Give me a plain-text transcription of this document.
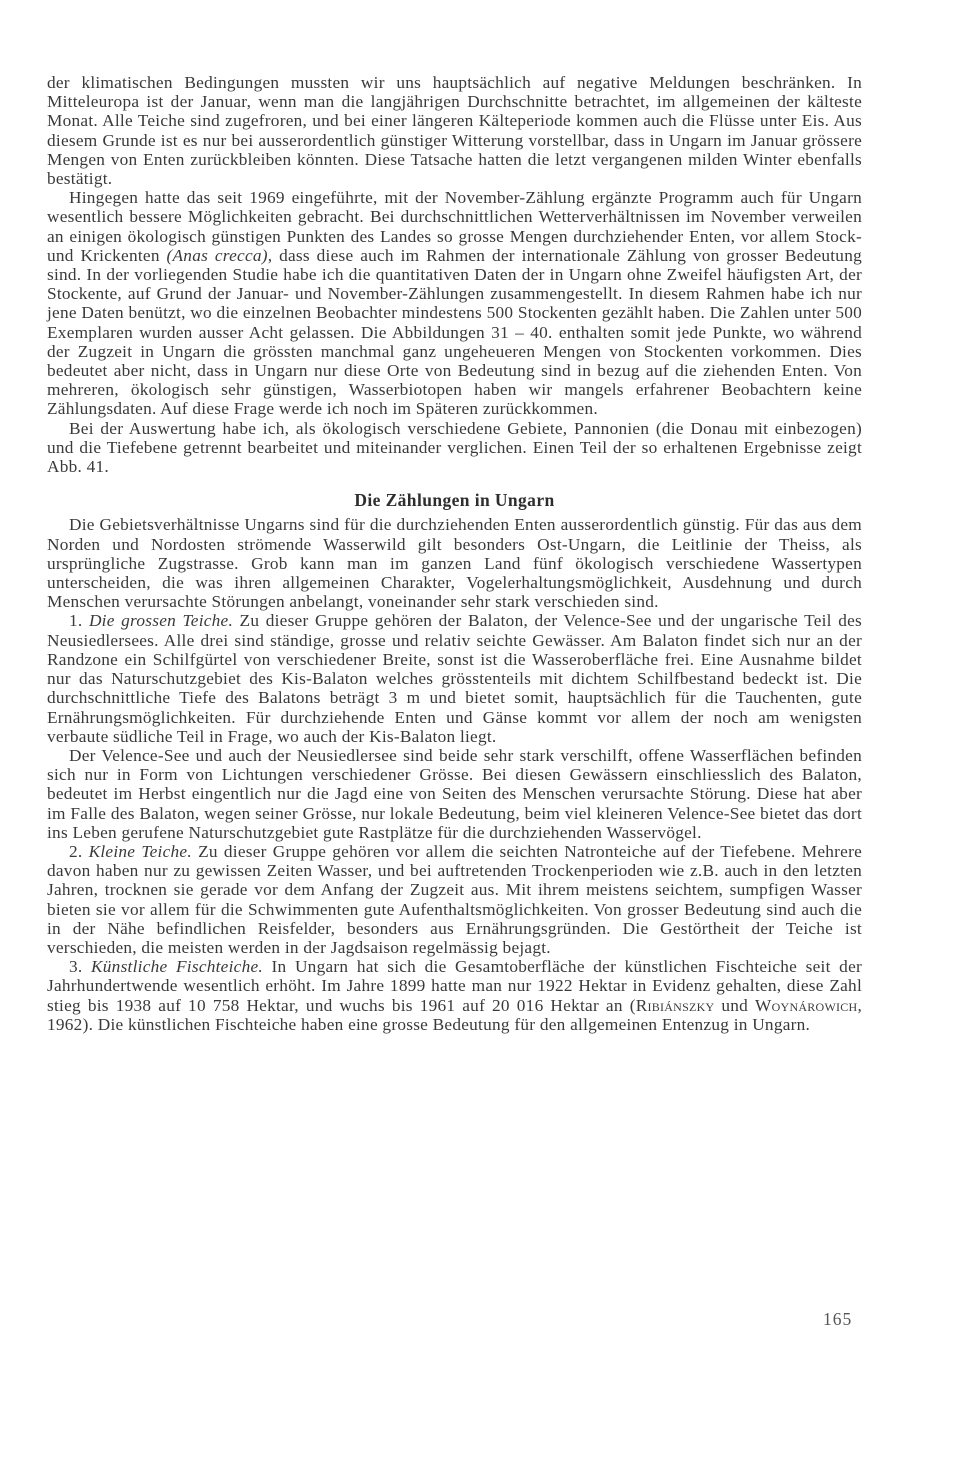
der klimatischen Bedingungen mussten wir uns hauptsächlich auf negative Meldungen beschränken. In Mitteleuropa ist der Januar, wenn man die langjährigen Durchschnitte betrachtet, im allgemeinen der kälteste Monat. Alle Teiche sind zugefroren, und bei einer längeren Kälteperiode kommen auch die Flüsse unter Eis. Aus diesem Grunde ist es nur bei ausserordentlich günstiger Witterung vorstellbar, dass in Ungarn im Januar grössere Mengen von Enten zurückbleiben könnten. Diese Tatsache hatten die letzt vergangenen milden Winter ebenfalls bestätigt.

Hingegen hatte das seit 1969 eingeführte, mit der November-Zählung ergänzte Programm auch für Ungarn wesentlich bessere Möglichkeiten gebracht. Bei durchschnittlichen Wetterverhältnissen im November verweilen an einigen ökologisch günstigen Punkten des Landes so grosse Mengen durchziehender Enten, vor allem Stock- und Krickenten (Anas crecca), dass diese auch im Rahmen der internationale Zählung von grosser Bedeutung sind. In der vorliegenden Studie habe ich die quantitativen Daten der in Ungarn ohne Zweifel häufigsten Art, der Stockente, auf Grund der Januar- und November-Zählungen zusammengestellt. In diesem Rahmen habe ich nur jene Daten benützt, wo die einzelnen Beobachter mindestens 500 Stockenten gezählt haben. Die Zahlen unter 500 Exemplaren wurden ausser Acht gelassen. Die Abbildungen 31 – 40. enthalten somit jede Punkte, wo während der Zugzeit in Ungarn die grössten manchmal ganz ungeheueren Mengen von Stockenten vorkommen. Dies bedeutet aber nicht, dass in Ungarn nur diese Orte von Bedeutung sind in bezug auf die ziehenden Enten. Von mehreren, ökologisch sehr günstigen, Wasserbiotopen haben wir mangels erfahrener Beobachtern keine Zählungsdaten. Auf diese Frage werde ich noch im Späteren zurückkommen.

Bei der Auswertung habe ich, als ökologisch verschiedene Gebiete, Pannonien (die Donau mit einbezogen) und die Tiefebene getrennt bearbeitet und miteinander verglichen. Einen Teil der so erhaltenen Ergebnisse zeigt Abb. 41.

Die Zählungen in Ungarn

Die Gebietsverhältnisse Ungarns sind für die durchziehenden Enten ausserordentlich günstig. Für das aus dem Norden und Nordosten strömende Wasserwild gilt besonders Ost-Ungarn, die Leitlinie der Theiss, als ursprüngliche Zugstrasse. Grob kann man im ganzen Land fünf ökologisch verschiedene Wassertypen unterscheiden, die was ihren allgemeinen Charakter, Vogelerhaltungsmöglichkeit, Ausdehnung und durch Menschen verursachte Störungen anbelangt, voneinander sehr stark verschieden sind.

1. Die grossen Teiche. Zu dieser Gruppe gehören der Balaton, der Velence-See und der ungarische Teil des Neusiedlersees. Alle drei sind ständige, grosse und relativ seichte Gewässer. Am Balaton findet sich nur an der Randzone ein Schilfgürtel von verschiedener Breite, sonst ist die Wasseroberfläche frei. Eine Ausnahme bildet nur das Naturschutzgebiet des Kis-Balaton welches grösstenteils mit dichtem Schilfbestand bedeckt ist. Die durchschnittliche Tiefe des Balatons beträgt 3 m und bietet somit, hauptsächlich für die Tauchenten, gute Ernährungsmöglichkeiten. Für durchziehende Enten und Gänse kommt vor allem der noch am wenigsten verbaute südliche Teil in Frage, wo auch der Kis-Balaton liegt.

Der Velence-See und auch der Neusiedlersee sind beide sehr stark verschilft, offene Wasserflächen befinden sich nur in Form von Lichtungen verschiedener Grösse. Bei diesen Gewässern einschliesslich des Balaton, bedeutet im Herbst eingentlich nur die Jagd eine von Seiten des Menschen verursachte Störung. Diese hat aber im Falle des Balaton, wegen seiner Grösse, nur lokale Bedeutung, beim viel kleineren Velence-See bietet das dort ins Leben gerufene Naturschutzgebiet gute Rastplätze für die durchziehenden Wasservögel.

2. Kleine Teiche. Zu dieser Gruppe gehören vor allem die seichten Natronteiche auf der Tiefebene. Mehrere davon haben nur zu gewissen Zeiten Wasser, und bei auftretenden Trockenperioden wie z.B. auch in den letzten Jahren, trocknen sie gerade vor dem Anfang der Zugzeit aus. Mit ihrem meistens seichtem, sumpfigen Wasser bieten sie vor allem für die Schwimmenten gute Aufenthaltsmöglichkeiten. Von grosser Bedeutung sind auch die in der Nähe befindlichen Reisfelder, besonders aus Ernährungsgründen. Die Gestörtheit der Teiche ist verschieden, die meisten werden in der Jagdsaison regelmässig bejagt.

3. Künstliche Fischteiche. In Ungarn hat sich die Gesamtoberfläche der künstlichen Fischteiche seit der Jahrhundertwende wesentlich erhöht. Im Jahre 1899 hatte man nur 1922 Hektar in Evidenz gehalten, diese Zahl stieg bis 1938 auf 10 758 Hektar, und wuchs bis 1961 auf 20 016 Hektar an (Ribiánszky und Woynárowich, 1962). Die künstlichen Fischteiche haben eine grosse Bedeutung für den allgemeinen Entenzug in Ungarn.

165
